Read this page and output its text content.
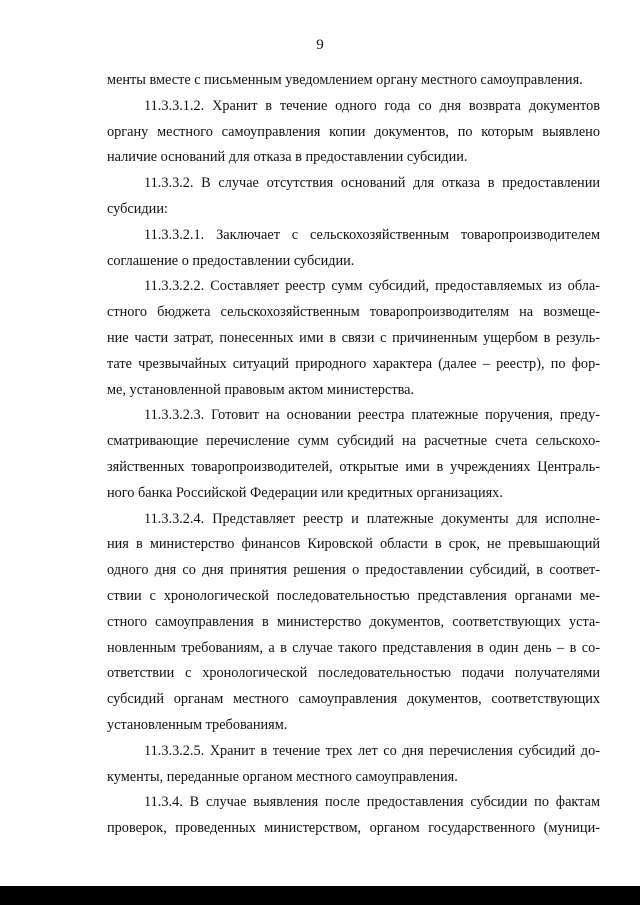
9
менты вместе с письменным уведомлением органу местного самоуправления.
11.3.3.1.2. Хранит в течение одного года со дня возврата документов
органу местного самоуправления копии документов, по которым выявлено
наличие оснований для отказа в предоставлении субсидии.
11.3.3.2. В случае отсутствия оснований для отказа в предоставлении
субсидии:
11.3.3.2.1. Заключает с сельскохозяйственным товаропроизводителем
соглашение о предоставлении субсидии.
11.3.3.2.2. Составляет реестр сумм субсидий, предоставляемых из обла-
стного бюджета сельскохозяйственным товаропроизводителям на возмеще-
ние части затрат, понесенных ими в связи с причиненным ущербом в резуль-
тате чрезвычайных ситуаций природного характера (далее – реестр), по фор-
ме, установленной правовым актом министерства.
11.3.3.2.3. Готовит на основании реестра платежные поручения, преду-
сматривающие перечисление сумм субсидий на расчетные счета сельскохо-
зяйственных товаропроизводителей, открытые ими в учреждениях Централь-
ного банка Российской Федерации или кредитных организациях.
11.3.3.2.4. Представляет реестр и платежные документы для исполне-
ния в министерство финансов Кировской области в срок, не превышающий
одного дня со дня принятия решения о предоставлении субсидий, в соответ-
ствии с хронологической последовательностью представления органами ме-
стного самоуправления в министерство документов, соответствующих уста-
новленным требованиям, а в случае такого представления в один день – в со-
ответствии с хронологической последовательностью подачи получателями
субсидий органам местного самоуправления документов, соответствующих
установленным требованиям.
11.3.3.2.5. Хранит в течение трех лет со дня перечисления субсидий до-
кументы, переданные органом местного самоуправления.
11.3.4. В случае выявления после предоставления субсидии по фактам
проверок, проведенных министерством, органом государственного (муници-
